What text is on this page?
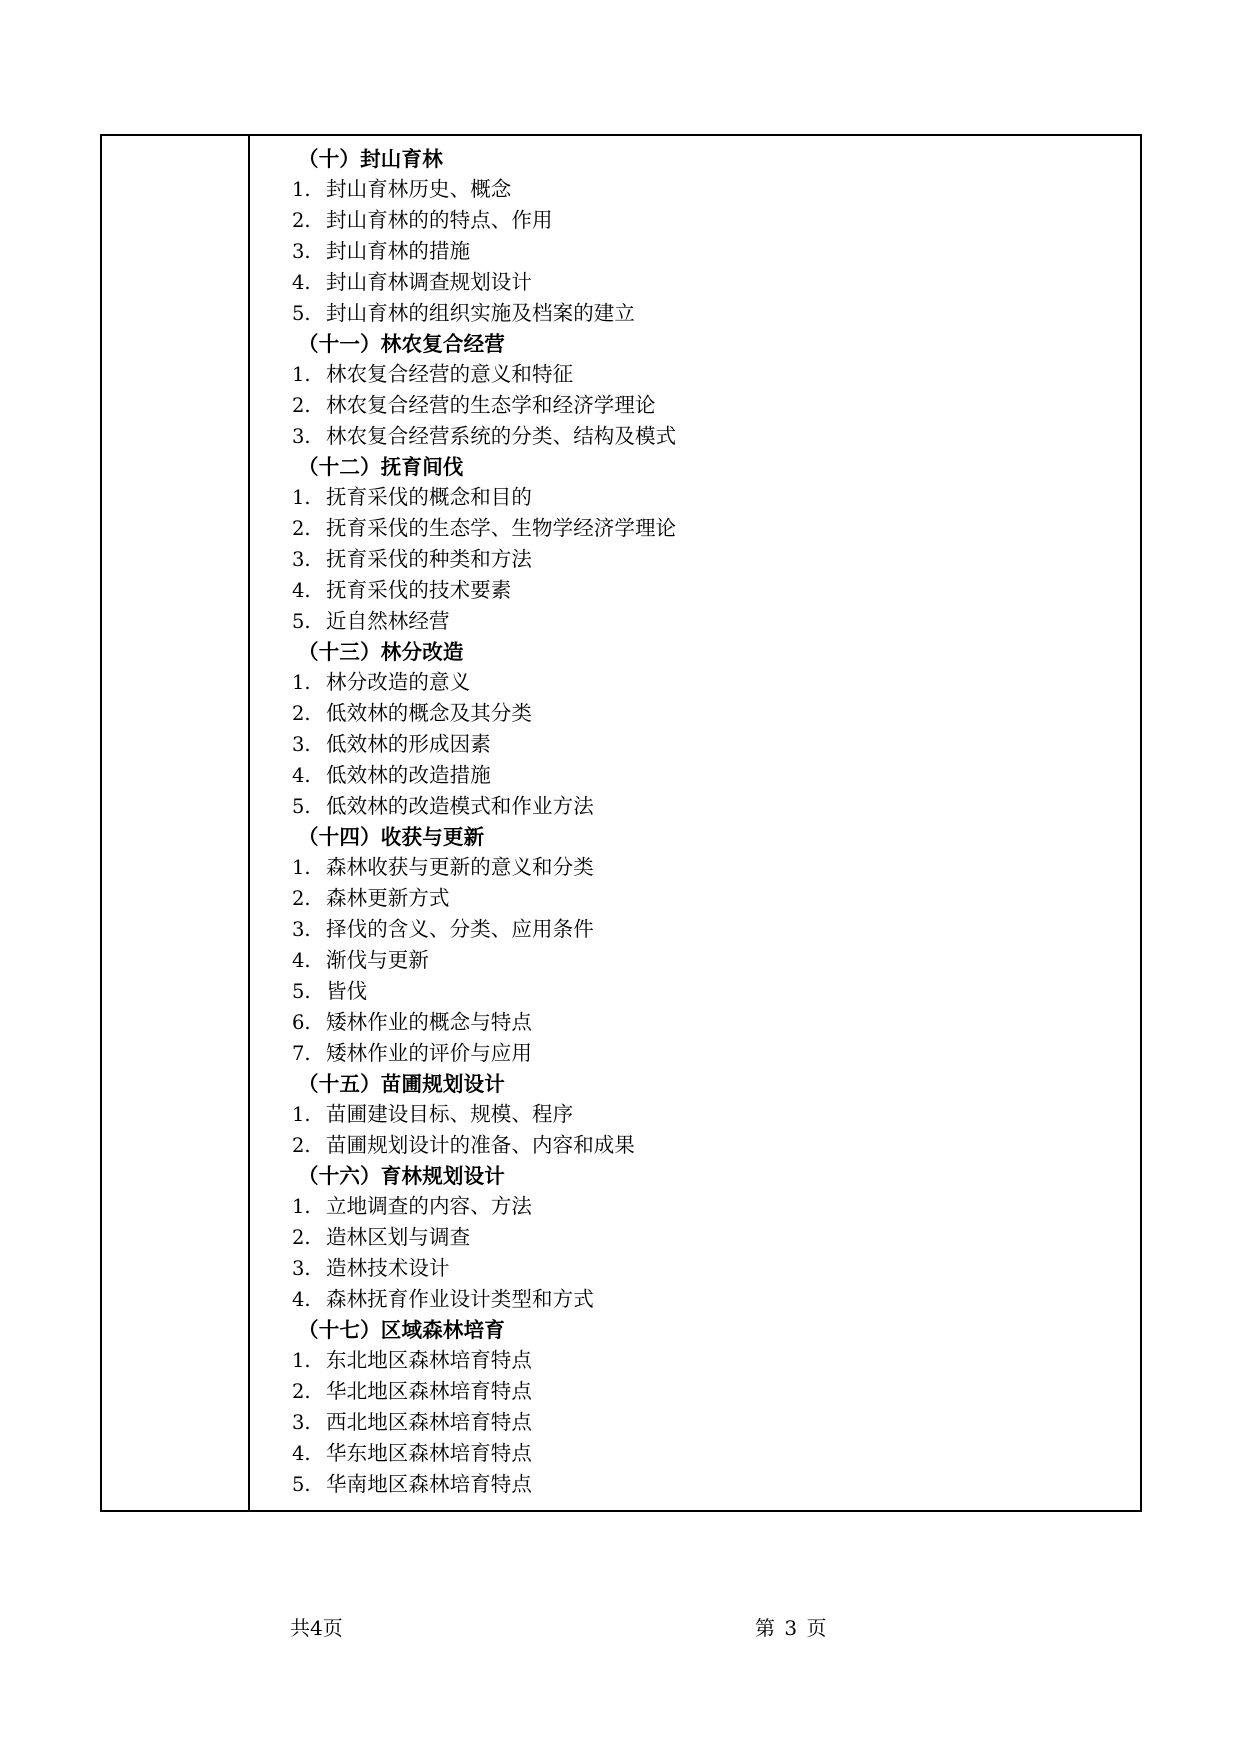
（十）封山育林
1. 封山育林历史、概念
2. 封山育林的的特点、作用
3. 封山育林的措施
4. 封山育林调查规划设计
5. 封山育林的组织实施及档案的建立
（十一）林农复合经营
1. 林农复合经营的意义和特征
2. 林农复合经营的生态学和经济学理论
3. 林农复合经营系统的分类、结构及模式
（十二）抚育间伐
1. 抚育采伐的概念和目的
2. 抚育采伐的生态学、生物学经济学理论
3. 抚育采伐的种类和方法
4. 抚育采伐的技术要素
5. 近自然林经营
（十三）林分改造
1. 林分改造的意义
2. 低效林的概念及其分类
3. 低效林的形成因素
4. 低效林的改造措施
5. 低效林的改造模式和作业方法
（十四）收获与更新
1. 森林收获与更新的意义和分类
2. 森林更新方式
3. 择伐的含义、分类、应用条件
4. 渐伐与更新
5. 皆伐
6. 矮林作业的概念与特点
7. 矮林作业的评价与应用
（十五）苗圃规划设计
1. 苗圃建设目标、规模、程序
2. 苗圃规划设计的准备、内容和成果
（十六）育林规划设计
1. 立地调查的内容、方法
2. 造林区划与调查
3. 造林技术设计
4. 森林抚育作业设计类型和方式
（十七）区域森林培育
1. 东北地区森林培育特点
2. 华北地区森林培育特点
3. 西北地区森林培育特点
4. 华东地区森林培育特点
5. 华南地区森林培育特点
共4页	第 3 页
